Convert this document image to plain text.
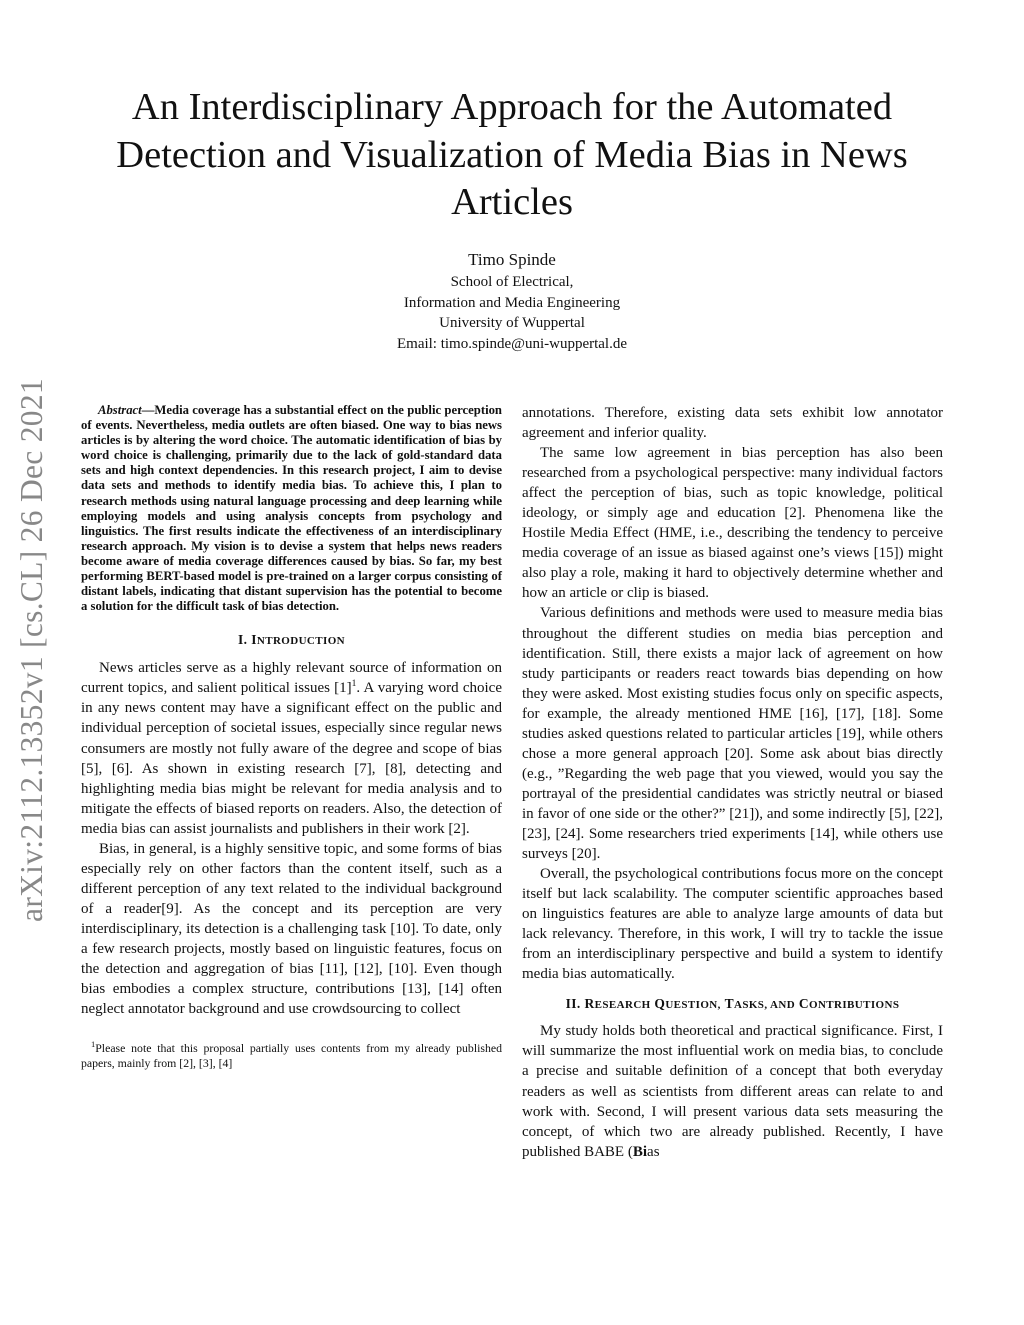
arXiv:2112.13352v1 [cs.CL] 26 Dec 2021
An Interdisciplinary Approach for the Automated Detection and Visualization of Media Bias in News Articles
Timo Spinde
School of Electrical,
Information and Media Engineering
University of Wuppertal
Email: timo.spinde@uni-wuppertal.de

Abstract—Media coverage has a substantial effect on the public perception of events. Nevertheless, media outlets are often biased. One way to bias news articles is by altering the word choice. The automatic identification of bias by word choice is challenging, primarily due to the lack of gold-standard data sets and high context dependencies. In this research project, I aim to devise data sets and methods to identify media bias. To achieve this, I plan to research methods using natural language processing and deep learning while employing models and using analysis concepts from psychology and linguistics. The first results indicate the effectiveness of an interdisciplinary research approach. My vision is to devise a system that helps news readers become aware of media coverage differences caused by bias. So far, my best performing BERT-based model is pre-trained on a larger corpus consisting of distant labels, indicating that distant supervision has the potential to become a solution for the difficult task of bias detection.

I. INTRODUCTION

News articles serve as a highly relevant source of information on current topics, and salient political issues $[1]^1$. A varying word choice in any news content may have a significant effect on the public and individual perception of societal issues, especially since regular news consumers are mostly not fully aware of the degree and scope of bias [5], [6]. As shown in existing research [7], [8], detecting and highlighting media bias might be relevant for media analysis and to mitigate the effects of biased reports on readers. Also, the detection of media bias can assist journalists and publishers in their work [2].

Bias, in general, is a highly sensitive topic, and some forms of bias especially rely on other factors than the content itself, such as a different perception of any text related to the individual background of a reader[9]. As the concept and its perception are very interdisciplinary, its detection is a challenging task [10]. To date, only a few research projects, mostly based on linguistic features, focus on the detection and aggregation of bias [11], [12], [10]. Even though bias embodies a complex structure, contributions [13], [14] often neglect annotator background and use crowdsourcing to collect

$^1$Please note that this proposal partially uses contents from my already published papers, mainly from [2], [3], [4]

annotations. Therefore, existing data sets exhibit low annotator agreement and inferior quality.

The same low agreement in bias perception has also been researched from a psychological perspective: many individual factors affect the perception of bias, such as topic knowledge, political ideology, or simply age and education [2]. Phenomena like the Hostile Media Effect (HME, i.e., describing the tendency to perceive media coverage of an issue as biased against one’s views [15]) might also play a role, making it hard to objectively determine whether and how an article or clip is biased.

Various definitions and methods were used to measure media bias throughout the different studies on media bias perception and identification. Still, there exists a major lack of agreement on how study participants or readers react towards bias depending on how they were asked. Most existing studies focus only on specific aspects, for example, the already mentioned HME [16], [17], [18]. Some studies asked questions related to particular articles [19], while others chose a more general approach [20]. Some ask about bias directly (e.g., ”Regarding the web page that you viewed, would you say the portrayal of the presidential candidates was strictly neutral or biased in favor of one side or the other?” [21]), and some indirectly [5], [22], [23], [24]. Some researchers tried experiments [14], while others use surveys [20].

Overall, the psychological contributions focus more on the concept itself but lack scalability. The computer scientific approaches based on linguistics features are able to analyze large amounts of data but lack relevancy. Therefore, in this work, I will try to tackle the issue from an interdisciplinary perspective and build a system to identify media bias automatically.

II. RESEARCH QUESTION, TASKS, AND CONTRIBUTIONS

My study holds both theoretical and practical significance. First, I will summarize the most influential work on media bias, to conclude a precise and suitable definition of a concept that both everyday readers as well as scientists from different areas can relate to and work with. Second, I will present various data sets measuring the concept, of which two are already published. Recently, I have published BABE (Bias
